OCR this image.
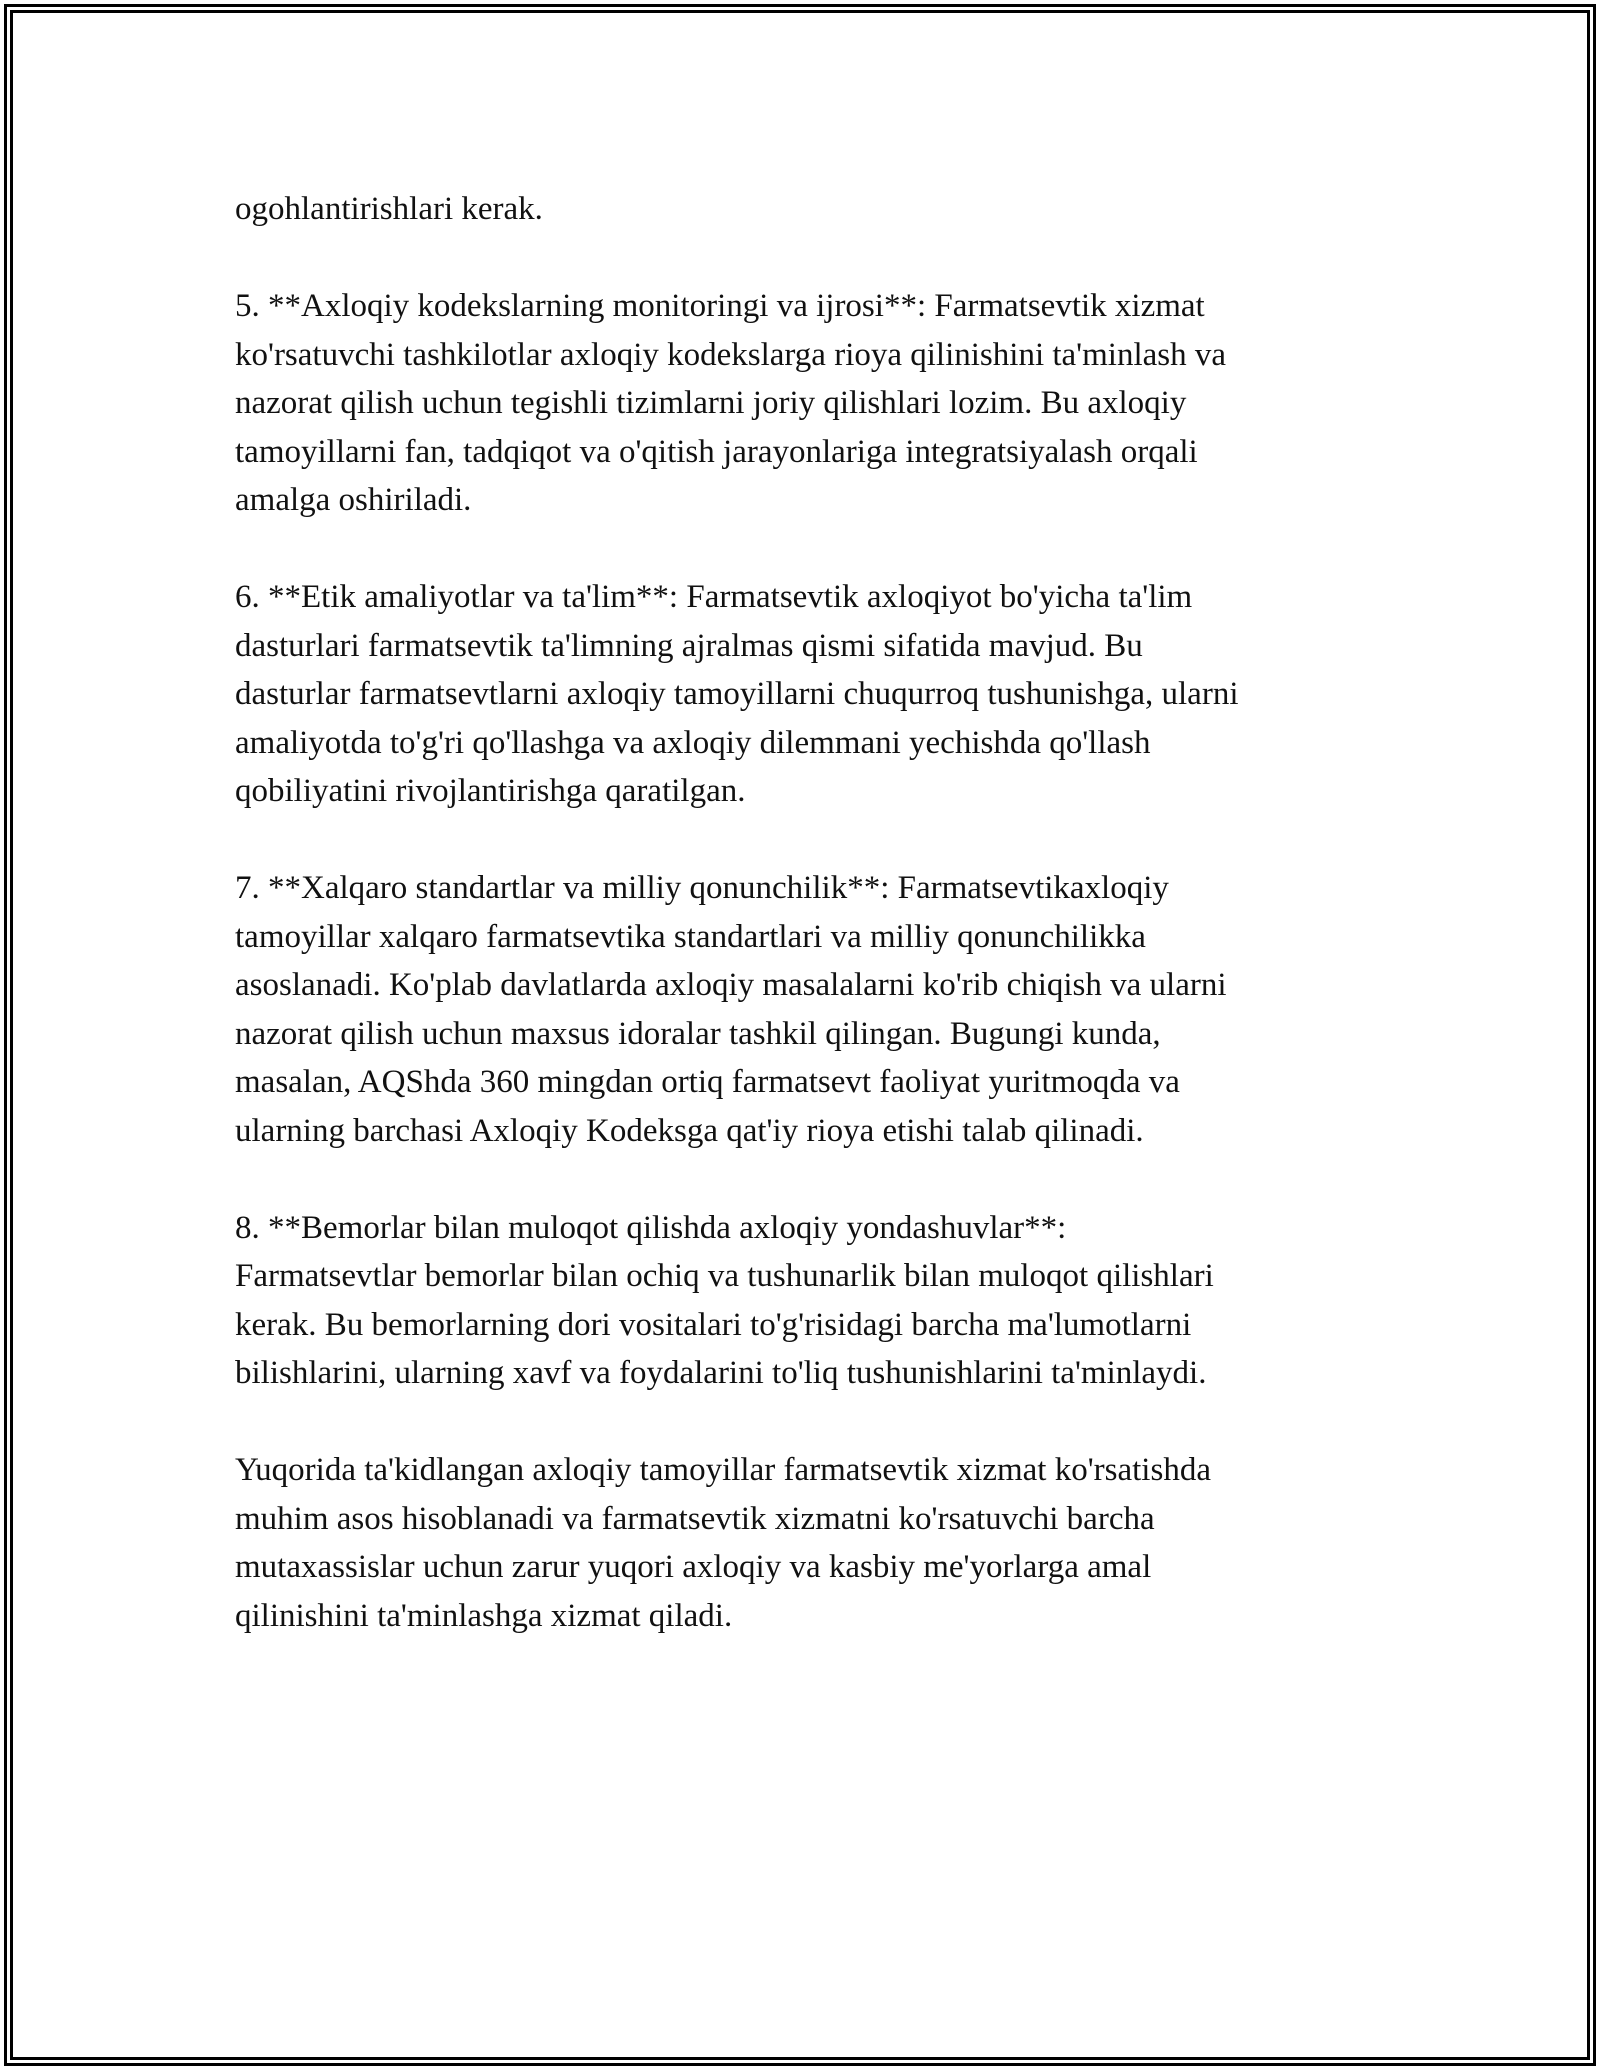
ogohlantirishlari kerak.

5. **Axloqiy kodekslarning monitoringi va ijrosi**: Farmatsevtik xizmat
ko'rsatuvchi tashkilotlar axloqiy kodekslarga rioya qilinishini ta'minlash va
nazorat qilish uchun tegishli tizimlarni joriy qilishlari lozim. Bu axloqiy
tamoyillarni fan, tadqiqot va o'qitish jarayonlariga integratsiyalash orqali
amalga oshiriladi.

6. **Etik amaliyotlar va ta'lim**: Farmatsevtik axloqiyot bo'yicha ta'lim
dasturlari farmatsevtik ta'limning ajralmas qismi sifatida mavjud. Bu
dasturlar farmatsevtlarni axloqiy tamoyillarni chuqurroq tushunishga, ularni
amaliyotda to'g'ri qo'llashga va axloqiy dilemmani yechishda qo'llash
qobiliyatini rivojlantirishga qaratilgan.

7. **Xalqaro standartlar va milliy qonunchilik**: Farmatsevtikaxloqiy
tamoyillar xalqaro farmatsevtika standartlari va milliy qonunchilikka
asoslanadi. Ko'plab davlatlarda axloqiy masalalarni ko'rib chiqish va ularni
nazorat qilish uchun maxsus idoralar tashkil qilingan. Bugungi kunda,
masalan, AQShda 360 mingdan ortiq farmatsevt faoliyat yuritmoqda va
ularning barchasi Axloqiy Kodeksga qat'iy rioya etishi talab qilinadi.

8. **Bemorlar bilan muloqot qilishda axloqiy yondashuvlar**:
Farmatsevtlar bemorlar bilan ochiq va tushunarlik bilan muloqot qilishlari
kerak. Bu bemorlarning dori vositalari to'g'risidagi barcha ma'lumotlarni
bilishlarini, ularning xavf va foydalarini to'liq tushunishlarini ta'minlaydi.

Yuqorida ta'kidlangan axloqiy tamoyillar farmatsevtik xizmat ko'rsatishda
muhim asos hisoblanadi va farmatsevtik xizmatni ko'rsatuvchi barcha
mutaxassislar uchun zarur yuqori axloqiy va kasbiy me'yorlarga amal
qilinishini ta'minlashga xizmat qiladi.
